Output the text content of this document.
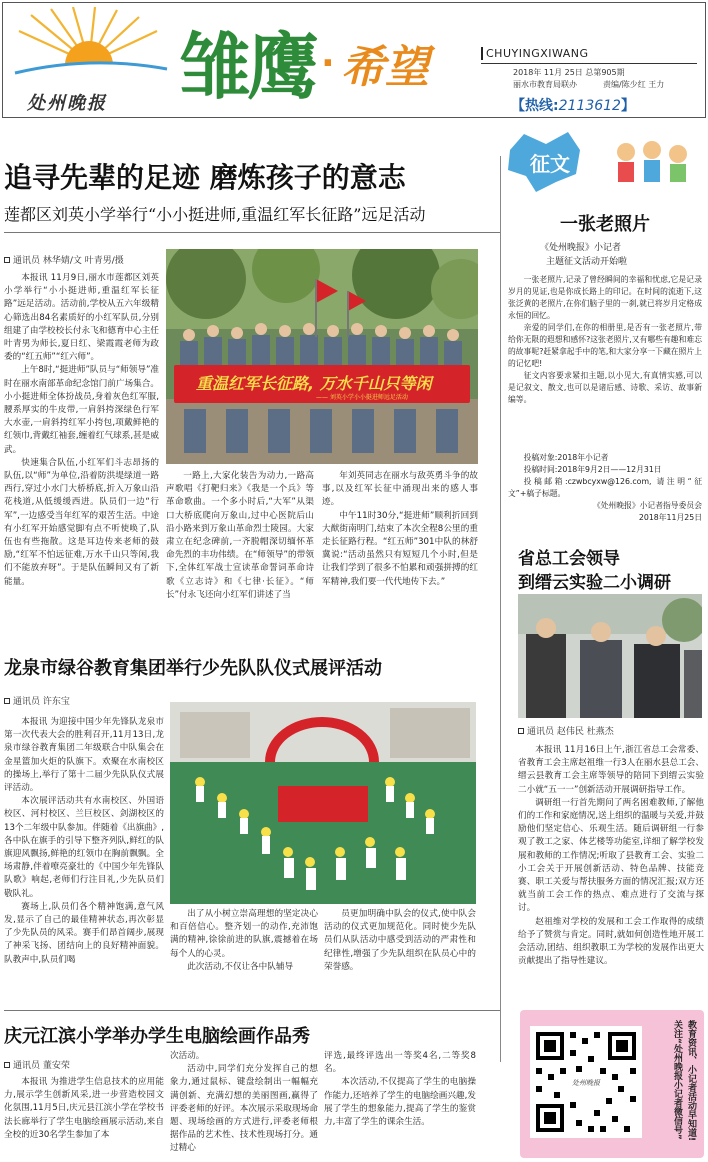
处州晚报 雏鹰 · 希望	CHUYINGXIWANG
2018年 11月 25日 总第905期
丽水市教育局联办	责编/陈少红 王力
【热线:2113612】
追寻先辈的足迹 磨炼孩子的意志
莲都区刘英小学举行“小小挺进师,重温红军长征路”远足活动
通讯员 林华婧/文 叶青男/摄
重温红军长征路, 万水千山只等闲
—— 刘英小学小小挺进师远足活动

本报讯 11月9日,丽水市莲都区刘英小学举行“小小挺进师,重温红军长征路”远足活动。活动前,学校从五六年级精心筛选出84名素质好的小红军队员,分别组建了由学校校长付永飞和德育中心主任叶青男为师长,夏日红、梁霞霞老师为政委的“红五师”“红六师”。

上午8时,“挺进师”队员与“师领导”准时在丽水南部革命纪念馆门前广场集合。小小挺进师全体扮战员,身着灰色红军服,腰系厚实的牛皮带,一肩斜挎深绿色行军大水壶,一肩斜挎红军小挎包,项戴鲜艳的红领巾,背戴红袖套,缠着红气球系,甚是威武。

快速集合队伍,小红军们斗志昂扬的队伍,以“师”为单位,沿着防洪堤绿道一路西行,穿过小水门大桥桥底,折入万象山沿花栈道,从低缓缓西进。队员们一边“行军”,一边感受当年红军的艰苦生活。中途有小红军开始感觉脚有点不听使唤了,队伍也有些拖散。这是耳边传来老师的鼓励,“红军不怕远征难,万水千山只等闲,我们不能放弃呀”。于是队伍瞬间又有了新能量。

一路上,大家化装告为动力,一路高声歌唱《打靶归来》《我是一个兵》等革命歌曲。一个多小时后,“大军”从渠口大桥底爬向万象山,过中心医院后山沿小路来到万象山革命烈士陵园。大家肃立在纪念碑前,一齐脱帽深切缅怀革命先烈的丰功伟绩。在“师领导”的带领下,全体红军战士宣读革命誓词革命诗歌《立志诗》和《七律·长征》。“师长”付永飞还向小红军们讲述了当

年刘英同志在丽水与敌英勇斗争的故事,以及红军长征中涌现出来的感人事迹。

中午11时30分,“挺进师”顺利折回到大猷街南明门,结束了本次全程8公里的重走长征路行程。“红五师”301中队的林舒冀说:“活动虽然只有短短几个小时,但是让我们学到了很多不怕累和顽强拼搏的红军精神,我们要一代代地传下去。”

征文
一张老照片
《处州晚报》小记者
主题征文活动开始啦

一张老照片,记录了曾经瞬间的幸福和忧虑,它是记录岁月的见证,也是你成长路上的印记。在时间的流逝下,这张泛黄的老照片,在你们脑子里的一刹,就已将岁月定格成永恒的回忆。

亲爱的同学们,在你的相册里,是否有一张老照片,带给你无限的遐想和感怀?这张老照片,又有哪些有趣和难忘的故事呢?赶紧拿起手中的笔,和大家分享一下藏在照片上的记忆吧!

征文内容要求紧扣主题,以小见大,有真情实感,可以是记叙文、散文,也可以是诸后感、诗歌、采访、故事新编等。

投稿对象:2018年小记者
投稿时间:2018年9月2日——12月31日
投稿邮箱:czwbcyxw@126.com, 请注明“征文”+稿子标题。
《处州晚报》小记者指导委员会
2018年11月25日
省总工会领导
到缙云实验二小调研
通讯员 赵伟民 杜燕杰

本报讯 11月16日上午,浙江省总工会常委、省教育工会主席赵祖维一行3人在丽水县总工会、缙云县教育工会主席等领导的陪同下到缙云实验二小就“五一一”创新活动开展调研指导工作。

调研组一行首先期问了两名困难教师,了解他们的工作和家庭情况,送上组织的温暖与关爱,并鼓励他们坚定信心、乐观生活。随后调研组一行参观了教工之家、体艺楼等功能室,详细了解学校发展和教师的工作情况;听取了县教育工会、实验二小工会关于开展创新活动、特色品牌、技能竞赛、职工关爱与帮扶服务方面的情况汇报;双方还就当前工会工作的热点、难点进行了交流与探讨。

赵祖维对学校的发展和工会工作取得的成绩给予了赞赏与肯定。同时,就如何创造性地开展工会活动,团结、组织教职工为学校的发展作出更大贡献提出了指导性建议。

龙泉市绿谷教育集团举行少先队队仪式展评活动
通讯员 许东宝

本报讯 为迎接中国少年先锋队龙泉市第一次代表大会的胜利召开,11月13日,龙泉市绿谷教育集团二年级联合中队集会在金星篮加火炬的队旗下。欢聚在水南校区的操场上,举行了第十二届少先队队仪式展评活动。

本次展评活动共有水南校区、外国语校区、河村校区、兰巨校区、剑湖校区的13个二年级中队参加。伴随着《出旗曲》,各中队在旗手的引导下整齐列队,鲜红的队旗迎风飘扬,鲜艳的红领巾在胸前飘飘。全场肃静,伴着嘹亮豪壮的《中国少年先锋队队歌》响起,老师们行注目礼,少先队员们敬队礼。

赛场上,队员们各个精神饱满,意气风发,显示了自己的最佳精神状态,再次彰显了少先队员的风采。赛手们昂首阔步,展现了神采飞扬、团结向上的良好精神面貌。队教声中,队员们喝

出了从小树立崇高理想的坚定决心和百倍信心。整齐划一的动作,充沛饱满的精神,徐徐前进的队旗,震撼着在场每个人的心灵。

此次活动,不仅让各中队辅导

员更加明确中队会的仪式,使中队会活动的仪式更加规范化。同时使少先队员们从队活动中感受到活动的严肃性和纪律性,增强了少先队组织在队员心中的荣誉感。

庆元江滨小学举办学生电脑绘画作品秀
通讯员 董安荣

本报讯 为推进学生信息技术的应用能力,展示学生创新风采,进一步营造校园文化氛围,11月5日,庆元县江滨小学在学校书法长廊举行了学生电脑绘画展示活动,来自全校的近30名学生参加了本

次活动。

活动中,同学们充分发挥自己的想象力,通过鼠标、键盘绘制出一幅幅充满创新、充满幻想的美丽图画,赢得了评委老师的好评。本次展示采取现场命题、现场绘画的方式进行,评委老师根据作品的艺术性、技术性现场打分。通过精心

评选,最终评选出一等奖4名,二等奖8名。

本次活动,不仅提高了学生的电脑操作能力,还培养了学生的电脑绘画兴趣,发展了学生的想象能力,提高了学生的鉴赏力,丰富了学生的课余生活。

处州晚报	教育资讯、小记者活动早知道! 关注“处州晚报小记者微信号”
